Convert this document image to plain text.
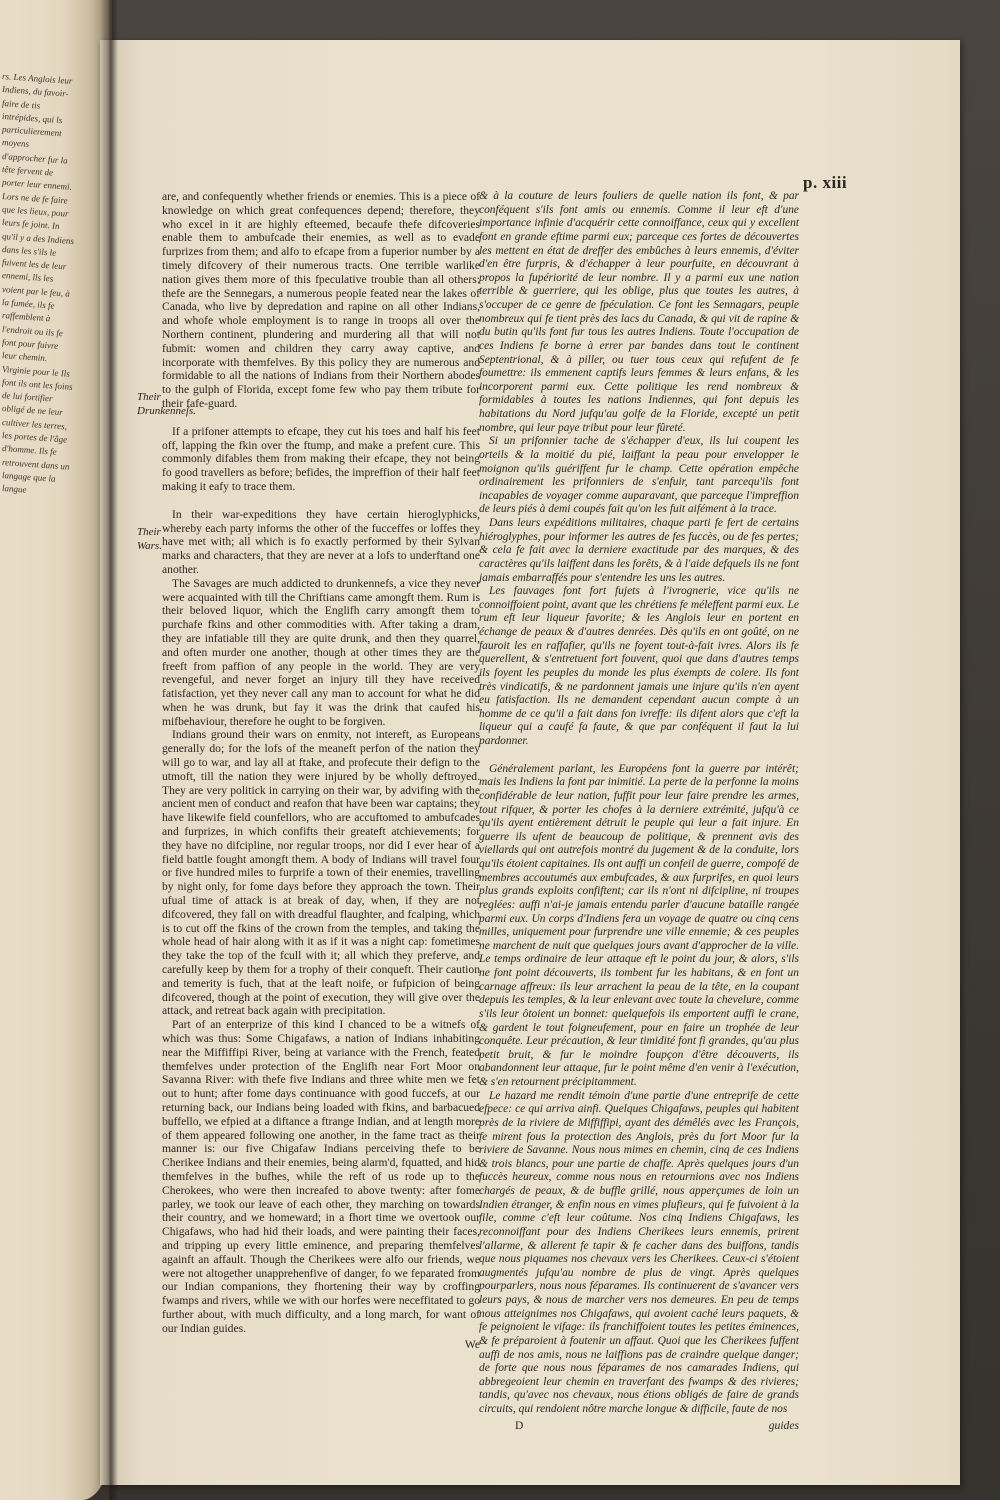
rs. Les Anglois leur Indiens, du favoir-faire de tis intrépides, qui ls particulierement moyens d'approcher fur la tête fervent de porter leur ennemi. Lors ne de fe faire que les lieux, pour leurs fe joint. In qu'il y a des Indiens dans les s'ils le fuivent les de leur ennemi, lls les voient par le feu, à la fumée, ils fe raffemblent à l'endroit ou ils fe font pour fuivre leur chemin. Virginie pour le Ils font ils ont les foins de lui fortifier obligé de ne leur cultiver les terres, les portes de l'âge d'homme. Ils fe retrouvent dans un langage que la langue
p. xiii
Their Drunkenneſs.
Their Wars.

are, and confequently whether friends or enemies. This is a piece of knowledge on which great confequences depend; therefore, they who excel in it are highly efteemed, becaufe thefe difcoveries enable them to ambufcade their enemies, as well as to evade furprizes from them; and alfo to efcape from a fuperior number by a timely difcovery of their numerous tracts. One terrible warlike nation gives them more of this fpeculative trouble than all others: thefe are the Sennegars, a numerous people feated near the lakes of Canada, who live by depredation and rapine on all other Indians, and whofe whole employment is to range in troops all over the Northern continent, plundering and murdering all that will not fubmit: women and children they carry away captive, and incorporate with themfelves. By this policy they are numerous and formidable to all the nations of Indians from their Northern abodes to the gulph of Florida, except fome few who pay them tribute for their fafe-guard.

If a prifoner attempts to efcape, they cut his toes and half his feet off, lapping the fkin over the ftump, and make a prefent cure. This commonly difables them from making their efcape, they not being fo good travellers as before; befides, the impreffion of their half feet making it eafy to trace them.

In their war-expeditions they have certain hieroglyphicks, whereby each party informs the other of the fucceffes or loffes they have met with; all which is fo exactly performed by their Sylvan marks and characters, that they are never at a lofs to underftand one another.

The Savages are much addicted to drunkennefs, a vice they never were acquainted with till the Chriftians came amongft them. Rum is their beloved liquor, which the Englifh carry amongft them to purchafe fkins and other commodities with. After taking a dram, they are infatiable till they are quite drunk, and then they quarrel, and often murder one another, though at other times they are the freeft from paffion of any people in the world. They are very revengeful, and never forget an injury till they have received fatisfaction, yet they never call any man to account for what he did when he was drunk, but fay it was the drink that caufed his mifbehaviour, therefore he ought to be forgiven.

Indians ground their wars on enmity, not intereft, as Europeans generally do; for the lofs of the meaneft perfon of the nation they will go to war, and lay all at ftake, and profecute their defign to the utmoft, till the nation they were injured by be wholly deftroyed. They are very politick in carrying on their war, by advifing with the ancient men of conduct and reafon that have been war captains; they have likewife field counfellors, who are accuftomed to ambufcades and furprizes, in which confifts their greateft atchievements; for they have no difcipline, nor regular troops, nor did I ever hear of a field battle fought amongft them. A body of Indians will travel four or five hundred miles to furprife a town of their enemies, travelling by night only, for fome days before they approach the town. Their ufual time of attack is at break of day, when, if they are not difcovered, they fall on with dreadful flaughter, and fcalping, which is to cut off the fkins of the crown from the temples, and taking the whole head of hair along with it as if it was a night cap: fometimes they take the top of the fcull with it; all which they preferve, and carefully keep by them for a trophy of their conqueft. Their caution and temerity is fuch, that at the leaft noife, or fufpicion of being difcovered, though at the point of execution, they will give over the attack, and retreat back again with precipitation.

Part of an enterprize of this kind I chanced to be a witnefs of which was thus: Some Chigafaws, a nation of Indians inhabiting near the Miffiffipi River, being at variance with the French, feated themfelves under protection of the Englifh near Fort Moor on Savanna River: with thefe five Indians and three white men we fet out to hunt; after fome days continuance with good fuccefs, at our returning back, our Indians being loaded with fkins, and barbacued buffello, we efpied at a diftance a ftrange Indian, and at length more of them appeared following one another, in the fame tract as their manner is: our five Chigafaw Indians perceiving thefe to be Cherikee Indians and their enemies, being alarm'd, fquatted, and hid themfelves in the bufhes, while the reft of us rode up to the Cherokees, who were then increafed to above twenty: after fome parley, we took our leave of each other, they marching on towards their country, and we homeward; in a fhort time we overtook our Chigafaws, who had hid their loads, and were painting their faces, and tripping up every little eminence, and preparing themfelves againft an affault. Though the Cherikees were alfo our friends, we were not altogether unapprehenfive of danger, fo we feparated from our Indian companions, they fhortening their way by croffing fwamps and rivers, while we with our horfes were neceffitated to go further about, with much difficulty, and a long march, for want of our Indian guides.

We

& à la couture de leurs fouliers de quelle nation ils font, & par conféquent s'ils font amis ou ennemis. Comme il leur eft d'une importance infinie d'acquérir cette connoiffance, ceux qui y excellent font en grande eftime parmi eux; parceque ces fortes de découvertes les mettent en état de dreffer des embûches à leurs ennemis, d'éviter d'en être furpris, & d'échapper à leur pourfuite, en découvrant à propos la fupériorité de leur nombre. Il y a parmi eux une nation terrible & guerriere, qui les oblige, plus que toutes les autres, à s'occuper de ce genre de fpéculation. Ce font les Sennagars, peuple nombreux qui fe tient près des lacs du Canada, & qui vit de rapine & du butin qu'ils font fur tous les autres Indiens. Toute l'occupation de ces Indiens fe borne à errer par bandes dans tout le continent Septentrional, & à piller, ou tuer tous ceux qui refufent de fe foumettre: ils emmenent captifs leurs femmes & leurs enfans, & les incorporent parmi eux. Cette politique les rend nombreux & formidables à toutes les nations Indiennes, qui font depuis les habitations du Nord jufqu'au golfe de la Floride, excepté un petit nombre, qui leur paye tribut pour leur fûreté.

Si un prifonnier tache de s'échapper d'eux, ils lui coupent les orteils & la moitié du pié, laiffant la peau pour envelopper le moignon qu'ils guériffent fur le champ. Cette opération empêche ordinairement les prifonniers de s'enfuir, tant parcequ'ils font incapables de voyager comme auparavant, que parceque l'impreffion de leurs piés à demi coupés fait qu'on les fuit aifément à la trace.

Dans leurs expéditions militaires, chaque parti fe fert de certains hiéroglyphes, pour informer les autres de fes fuccès, ou de fes pertes; & cela fe fait avec la derniere exactitude par des marques, & des caractères qu'ils laiffent dans les forêts, & à l'aide defquels ils ne font jamais embarraffés pour s'entendre les uns les autres.

Les fauvages font fort fujets à l'ivrognerie, vice qu'ils ne connoiffoient point, avant que les chrétiens fe méleffent parmi eux. Le rum eft leur liqueur favorite; & les Anglois leur en portent en échange de peaux & d'autres denrées. Dès qu'ils en ont goûté, on ne fauroit les en raffafier, qu'ils ne foyent tout-à-fait ivres. Alors ils fe querellent, & s'entretuent fort fouvent, quoi que dans d'autres temps ils foyent les peuples du monde les plus éxempts de colere. Ils font très vindicatifs, & ne pardonnent jamais une injure qu'ils n'en ayent eu fatisfaction. Ils ne demandent cependant aucun compte à un homme de ce qu'il a fait dans fon ivreffe: ils difent alors que c'eft la liqueur qui a caufé fa faute, & que par conféquent il faut la lui pardonner.

Généralement parlant, les Européens font la guerre par intérêt; mais les Indiens la font par inimitié. La perte de la perfonne la moins confidérable de leur nation, fuffit pour leur faire prendre les armes, tout rifquer, & porter les chofes à la derniere extrémité, jufqu'à ce qu'ils ayent entièrement détruit le peuple qui leur a fait injure. En guerre ils ufent de beaucoup de politique, & prennent avis des viellards qui ont autrefois montré du jugement & de la conduite, lors qu'ils étoient capitaines. Ils ont auffi un confeil de guerre, compofé de membres accoutumés aux embufcades, & aux furprifes, en quoi leurs plus grands exploits confiftent; car ils n'ont ni difcipline, ni troupes reglées: auffi n'ai-je jamais entendu parler d'aucune bataille rangée parmi eux. Un corps d'Indiens fera un voyage de quatre ou cinq cens milles, uniquement pour furprendre une ville ennemie; & ces peuples ne marchent de nuit que quelques jours avant d'approcher de la ville. Le temps ordinaire de leur attaque eft le point du jour, & alors, s'ils ne font point découverts, ils tombent fur les habitans, & en font un carnage affreux: ils leur arrachent la peau de la tête, en la coupant depuis les temples, & la leur enlevant avec toute la chevelure, comme s'ils leur ôtoient un bonnet: quelquefois ils emportent auffi le crane, & gardent le tout foigneufement, pour en faire un trophée de leur conquête. Leur précaution, & leur timidité font fi grandes, qu'au plus petit bruit, & fur le moindre foupçon d'être découverts, ils abandonnent leur attaque, fur le point même d'en venir à l'exécution, & s'en retournent précipitamment.

Le hazard me rendit témoin d'une partie d'une entreprife de cette efpece: ce qui arriva ainfi. Quelques Chigafaws, peuples qui habitent près de la riviere de Miffiffipi, ayant des démêlés avec les François, fe mirent fous la protection des Anglois, près du fort Moor fur la riviere de Savanne. Nous nous mimes en chemin, cinq de ces Indiens & trois blancs, pour une partie de chaffe. Après quelques jours d'un fuccès heureux, comme nous nous en retournions avec nos Indiens chargés de peaux, & de buffle grillé, nous apperçumes de loin un Indien étranger, & enfin nous en vimes plufieurs, qui fe fuivoient à la file, comme c'eft leur coûtume. Nos cinq Indiens Chigafaws, les reconnoiffant pour des Indiens Cherikees leurs ennemis, prirent l'allarme, & allerent fe tapir & fe cacher dans des buiffons, tandis que nous piquames nos chevaux vers les Cherikees. Ceux-ci s'étoient augmentés jufqu'au nombre de plus de vingt. Après quelques pourparlers, nous nous féparames. Ils continuerent de s'avancer vers leurs pays, & nous de marcher vers nos demeures. En peu de temps nous atteignimes nos Chigafaws, qui avoient caché leurs paquets, & fe peignoient le vifage: ils franchiffoient toutes les petites éminences, & fe préparoient à foutenir un affaut. Quoi que les Cherikees fuffent auffi de nos amis, nous ne laiffions pas de craindre quelque danger; de forte que nous nous féparames de nos camarades Indiens, qui abbregeoient leur chemin en traverfant des fwamps & des rivieres; tandis, qu'avec nos chevaux, nous étions obligés de faire de grands circuits, qui rendoient nôtre marche longue & difficile, faute de nos

D	guides
